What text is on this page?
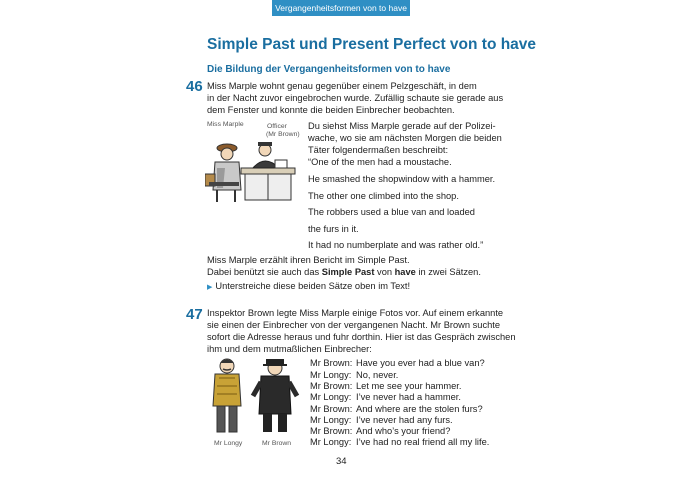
Vergangenheitsformen von to have
Simple Past und Present Perfect von to have
Die Bildung der Vergangenheitsformen von to have
46 Miss Marple wohnt genau gegenüber einem Pelzgeschäft, in dem

in der Nacht zuvor eingebrochen wurde. Zufällig schaute sie gerade aus

dem Fenster und konnte die beiden Einbrecher beobachten.

Miss Marple	Officer
(Mr Brown)

Du siehst Miss Marple gerade auf der Polizei-

wache, wo sie am nächsten Morgen die beiden

Täter folgendermaßen beschreibt:

“One of the men had a moustache.
He smashed the shopwindow with a hammer.
The other one climbed into the shop.
The robbers used a blue van and loaded
the furs in it.
It had no numberplate and was rather old.”

Miss Marple erzählt ihren Bericht im Simple Past.

Dabei benützt sie auch das Simple Past von have in zwei Sätzen.

▶ Unterstreiche diese beiden Sätze oben im Text!

47 Inspektor Brown legte Miss Marple einige Fotos vor. Auf einem erkannte

sie einen der Einbrecher von der vergangenen Nacht. Mr Brown suchte

sofort die Adresse heraus und fuhr dorthin. Hier ist das Gespräch zwischen

ihm und dem mutmaßlichen Einbrecher:

Mr Longy	Mr Brown
Mr Brown: Have you ever had a blue van?
Mr Longy: No, never.
Mr Brown: Let me see your hammer.
Mr Longy: I’ve never had a hammer.
Mr Brown: And where are the stolen furs?
Mr Longy: I’ve never had any furs.
Mr Brown: And who’s your friend?
Mr Longy: I’ve had no real friend all my life.
34
